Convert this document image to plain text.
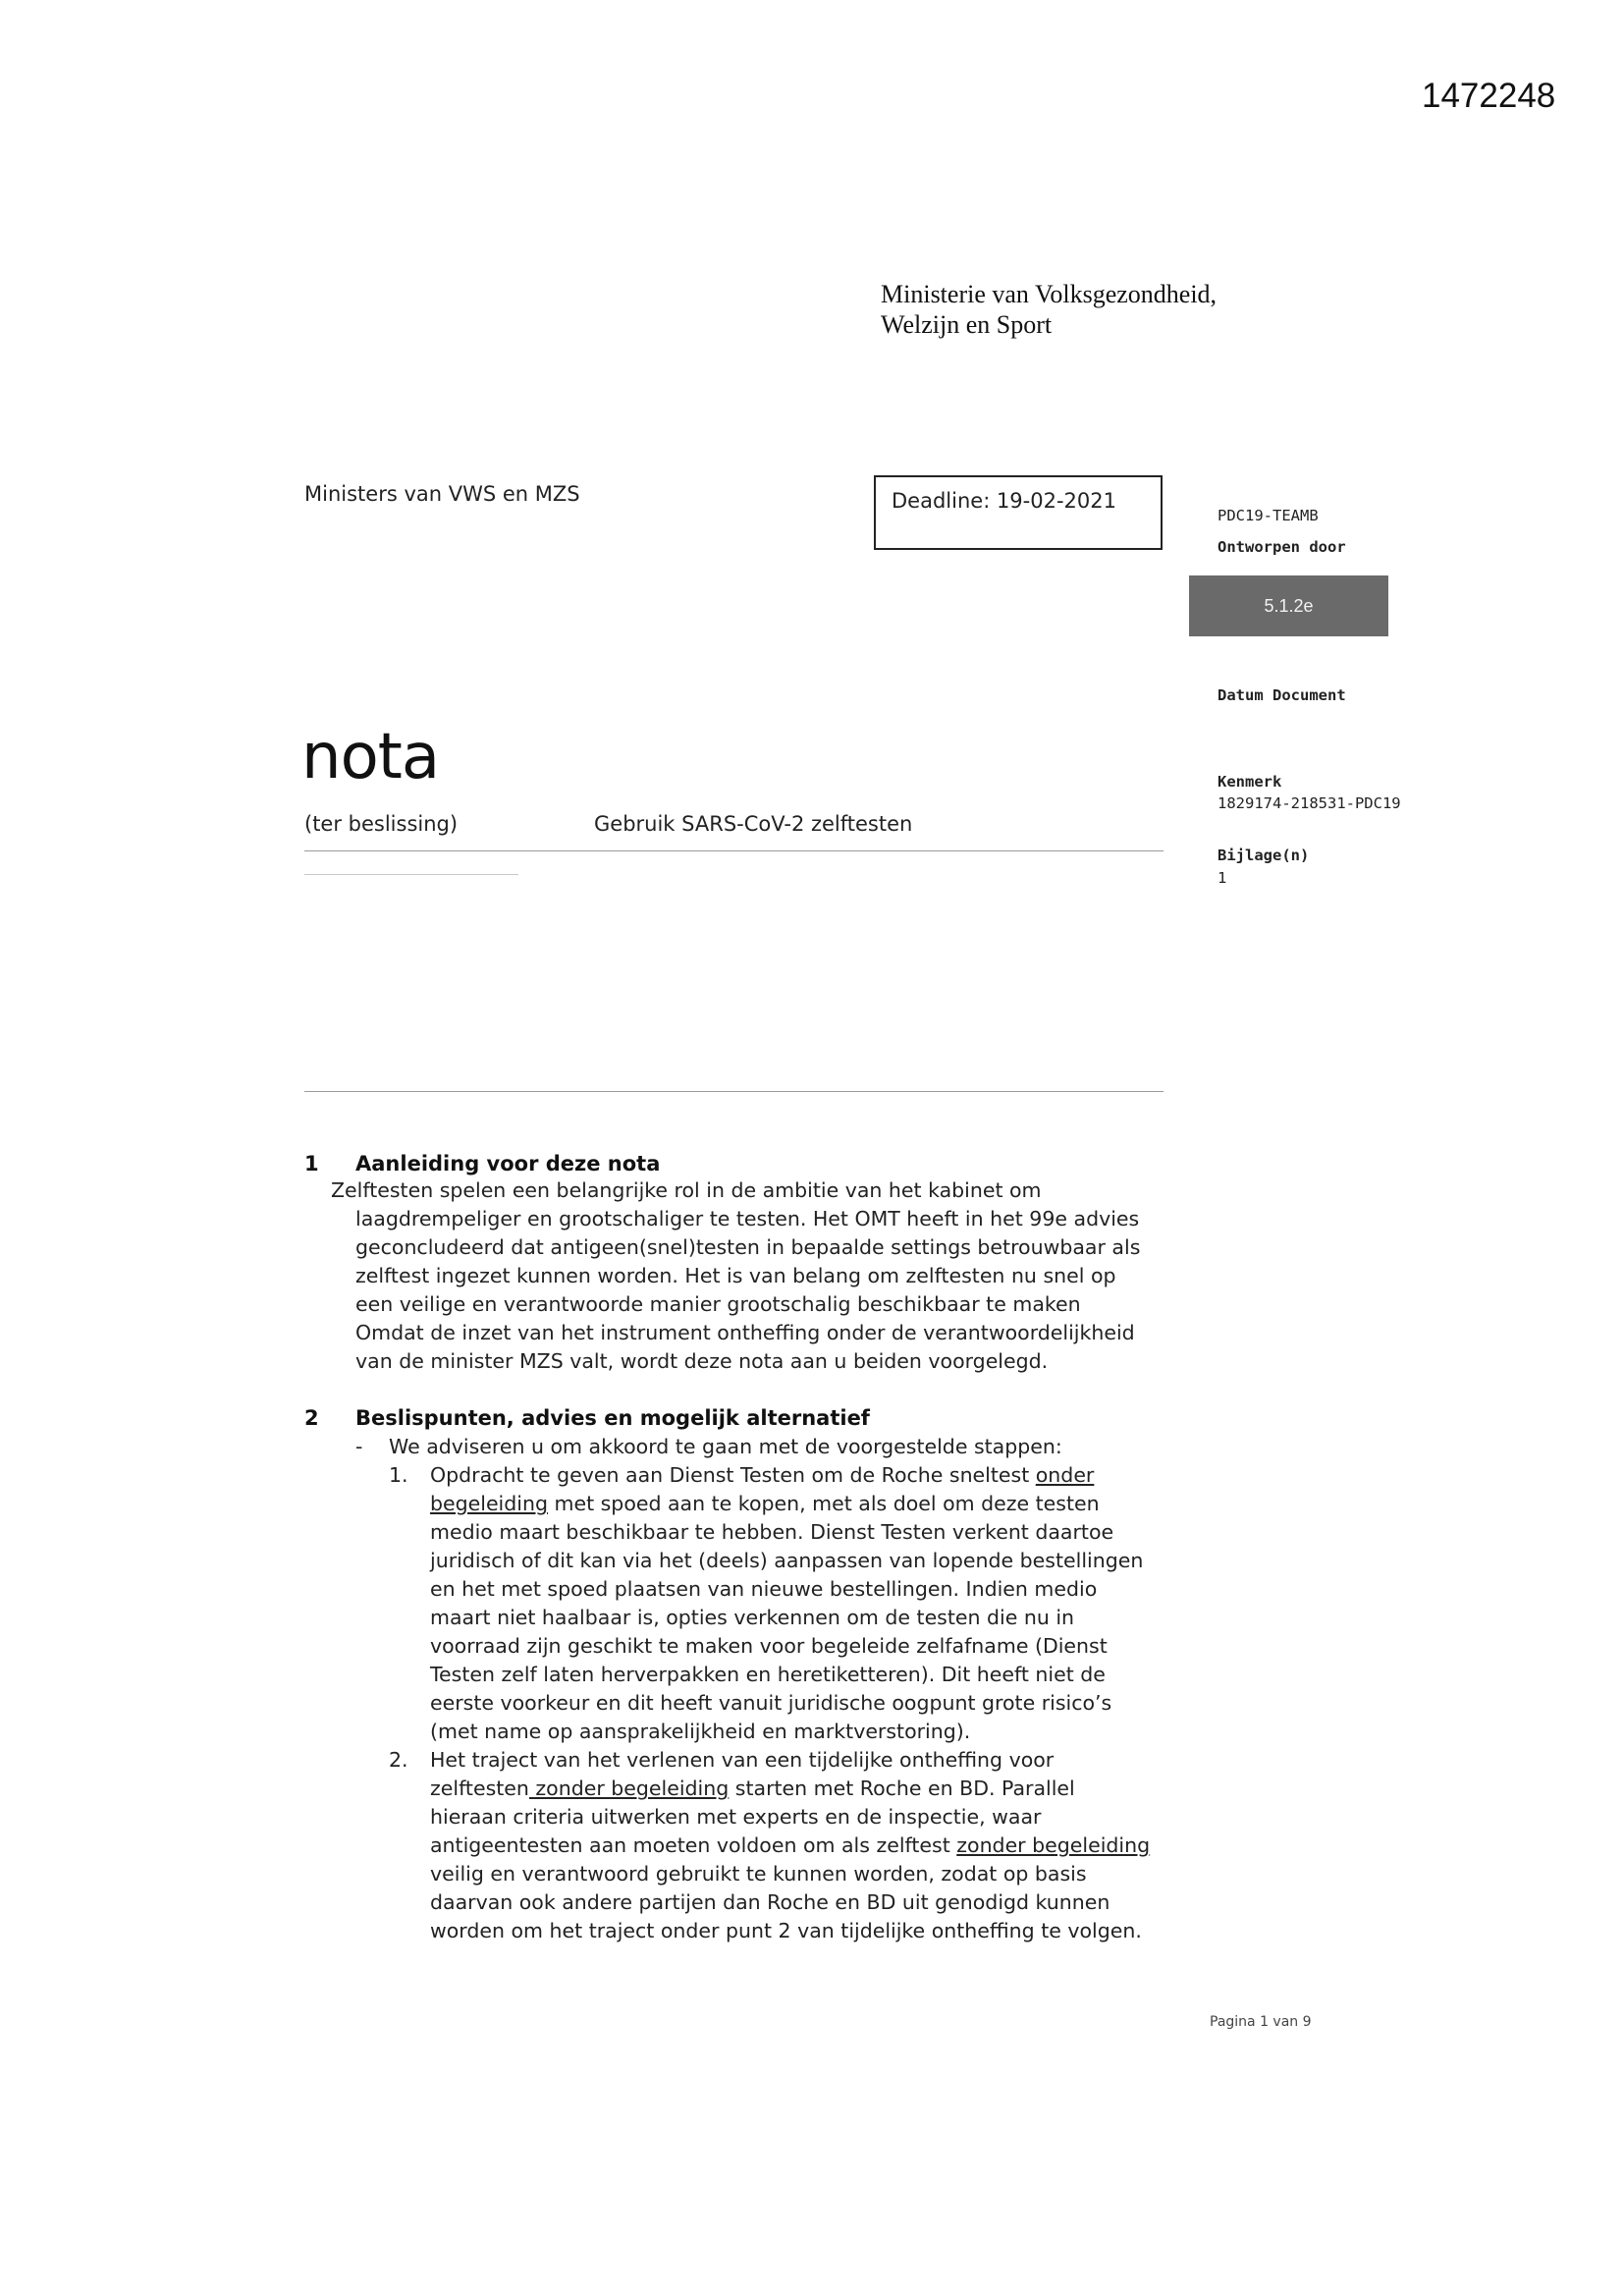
1472248
Ministerie van Volksgezondheid,
Welzijn en Sport
Ministers van VWS en MZS	Deadline: 19-02-2021
PDC19-TEAMB
Ontworpen door
5.1.2e
Datum Document
Kenmerk
1829174-218531-PDC19
Bijlage(n)
1
nota
(ter beslissing)	Gebruik SARS-CoV-2 zelftesten
1 Aanleiding voor deze nota

Zelftesten spelen een belangrijke rol in de ambitie van het kabinet om

laagdrempeliger en grootschaliger te testen. Het OMT heeft in het 99e advies

geconcludeerd dat antigeen(snel)testen in bepaalde settings betrouwbaar als

zelftest ingezet kunnen worden. Het is van belang om zelftesten nu snel op

een veilige en verantwoorde manier grootschalig beschikbaar te maken

Omdat de inzet van het instrument ontheffing onder de verantwoordelijkheid

van de minister MZS valt, wordt deze nota aan u beiden voorgelegd.

2 Beslispunten, advies en mogelijk alternatief
- We adviseren u om akkoord te gaan met de voorgestelde stappen:
1. Opdracht te geven aan Dienst Testen om de Roche sneltest onder

begeleiding met spoed aan te kopen, met als doel om deze testen

medio maart beschikbaar te hebben. Dienst Testen verkent daartoe

juridisch of dit kan via het (deels) aanpassen van lopende bestellingen

en het met spoed plaatsen van nieuwe bestellingen. Indien medio

maart niet haalbaar is, opties verkennen om de testen die nu in

voorraad zijn geschikt te maken voor begeleide zelfafname (Dienst

Testen zelf laten herverpakken en heretiketteren). Dit heeft niet de

eerste voorkeur en dit heeft vanuit juridische oogpunt grote risico’s

(met name op aansprakelijkheid en marktverstoring).

2. Het traject van het verlenen van een tijdelijke ontheffing voor

zelftesten zonder begeleiding starten met Roche en BD. Parallel

hieraan criteria uitwerken met experts en de inspectie, waar

antigeentesten aan moeten voldoen om als zelftest zonder begeleiding

veilig en verantwoord gebruikt te kunnen worden, zodat op basis

daarvan ook andere partijen dan Roche en BD uit genodigd kunnen

worden om het traject onder punt 2 van tijdelijke ontheffing te volgen.

Pagina 1 van 9
